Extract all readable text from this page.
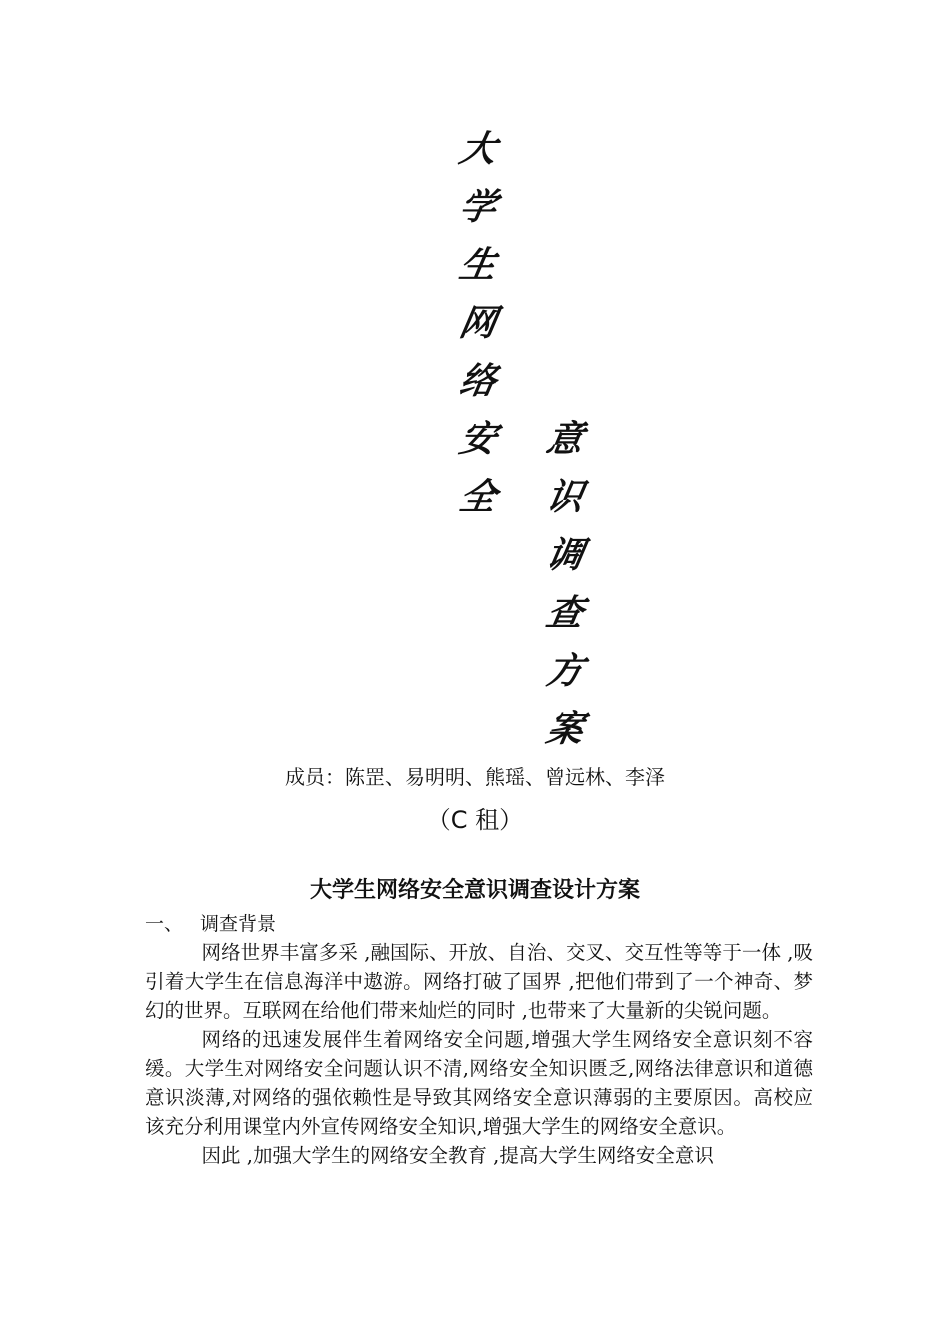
大
学
生
网
络
安
全
意
识
调
查
方
案
成员：陈罡、易明明、熊瑶、曾远林、李泽
（C 租）
大学生网络安全意识调查设计方案
一、 调查背景

网络世界丰富多采 ,融国际、开放、自治、交叉、交互性等等于一体 ,吸引着大学生在信息海洋中遨游。网络打破了国界 ,把他们带到了一个神奇、梦幻的世界。互联网在给他们带来灿烂的同时 ,也带来了大量新的尖锐问题。

网络的迅速发展伴生着网络安全问题,增强大学生网络安全意识刻不容缓。大学生对网络安全问题认识不清,网络安全知识匮乏,网络法律意识和道德意识淡薄,对网络的强依赖性是导致其网络安全意识薄弱的主要原因。高校应该充分利用课堂内外宣传网络安全知识,增强大学生的网络安全意识。

因此 ,加强大学生的网络安全教育 ,提高大学生网络安全意识
